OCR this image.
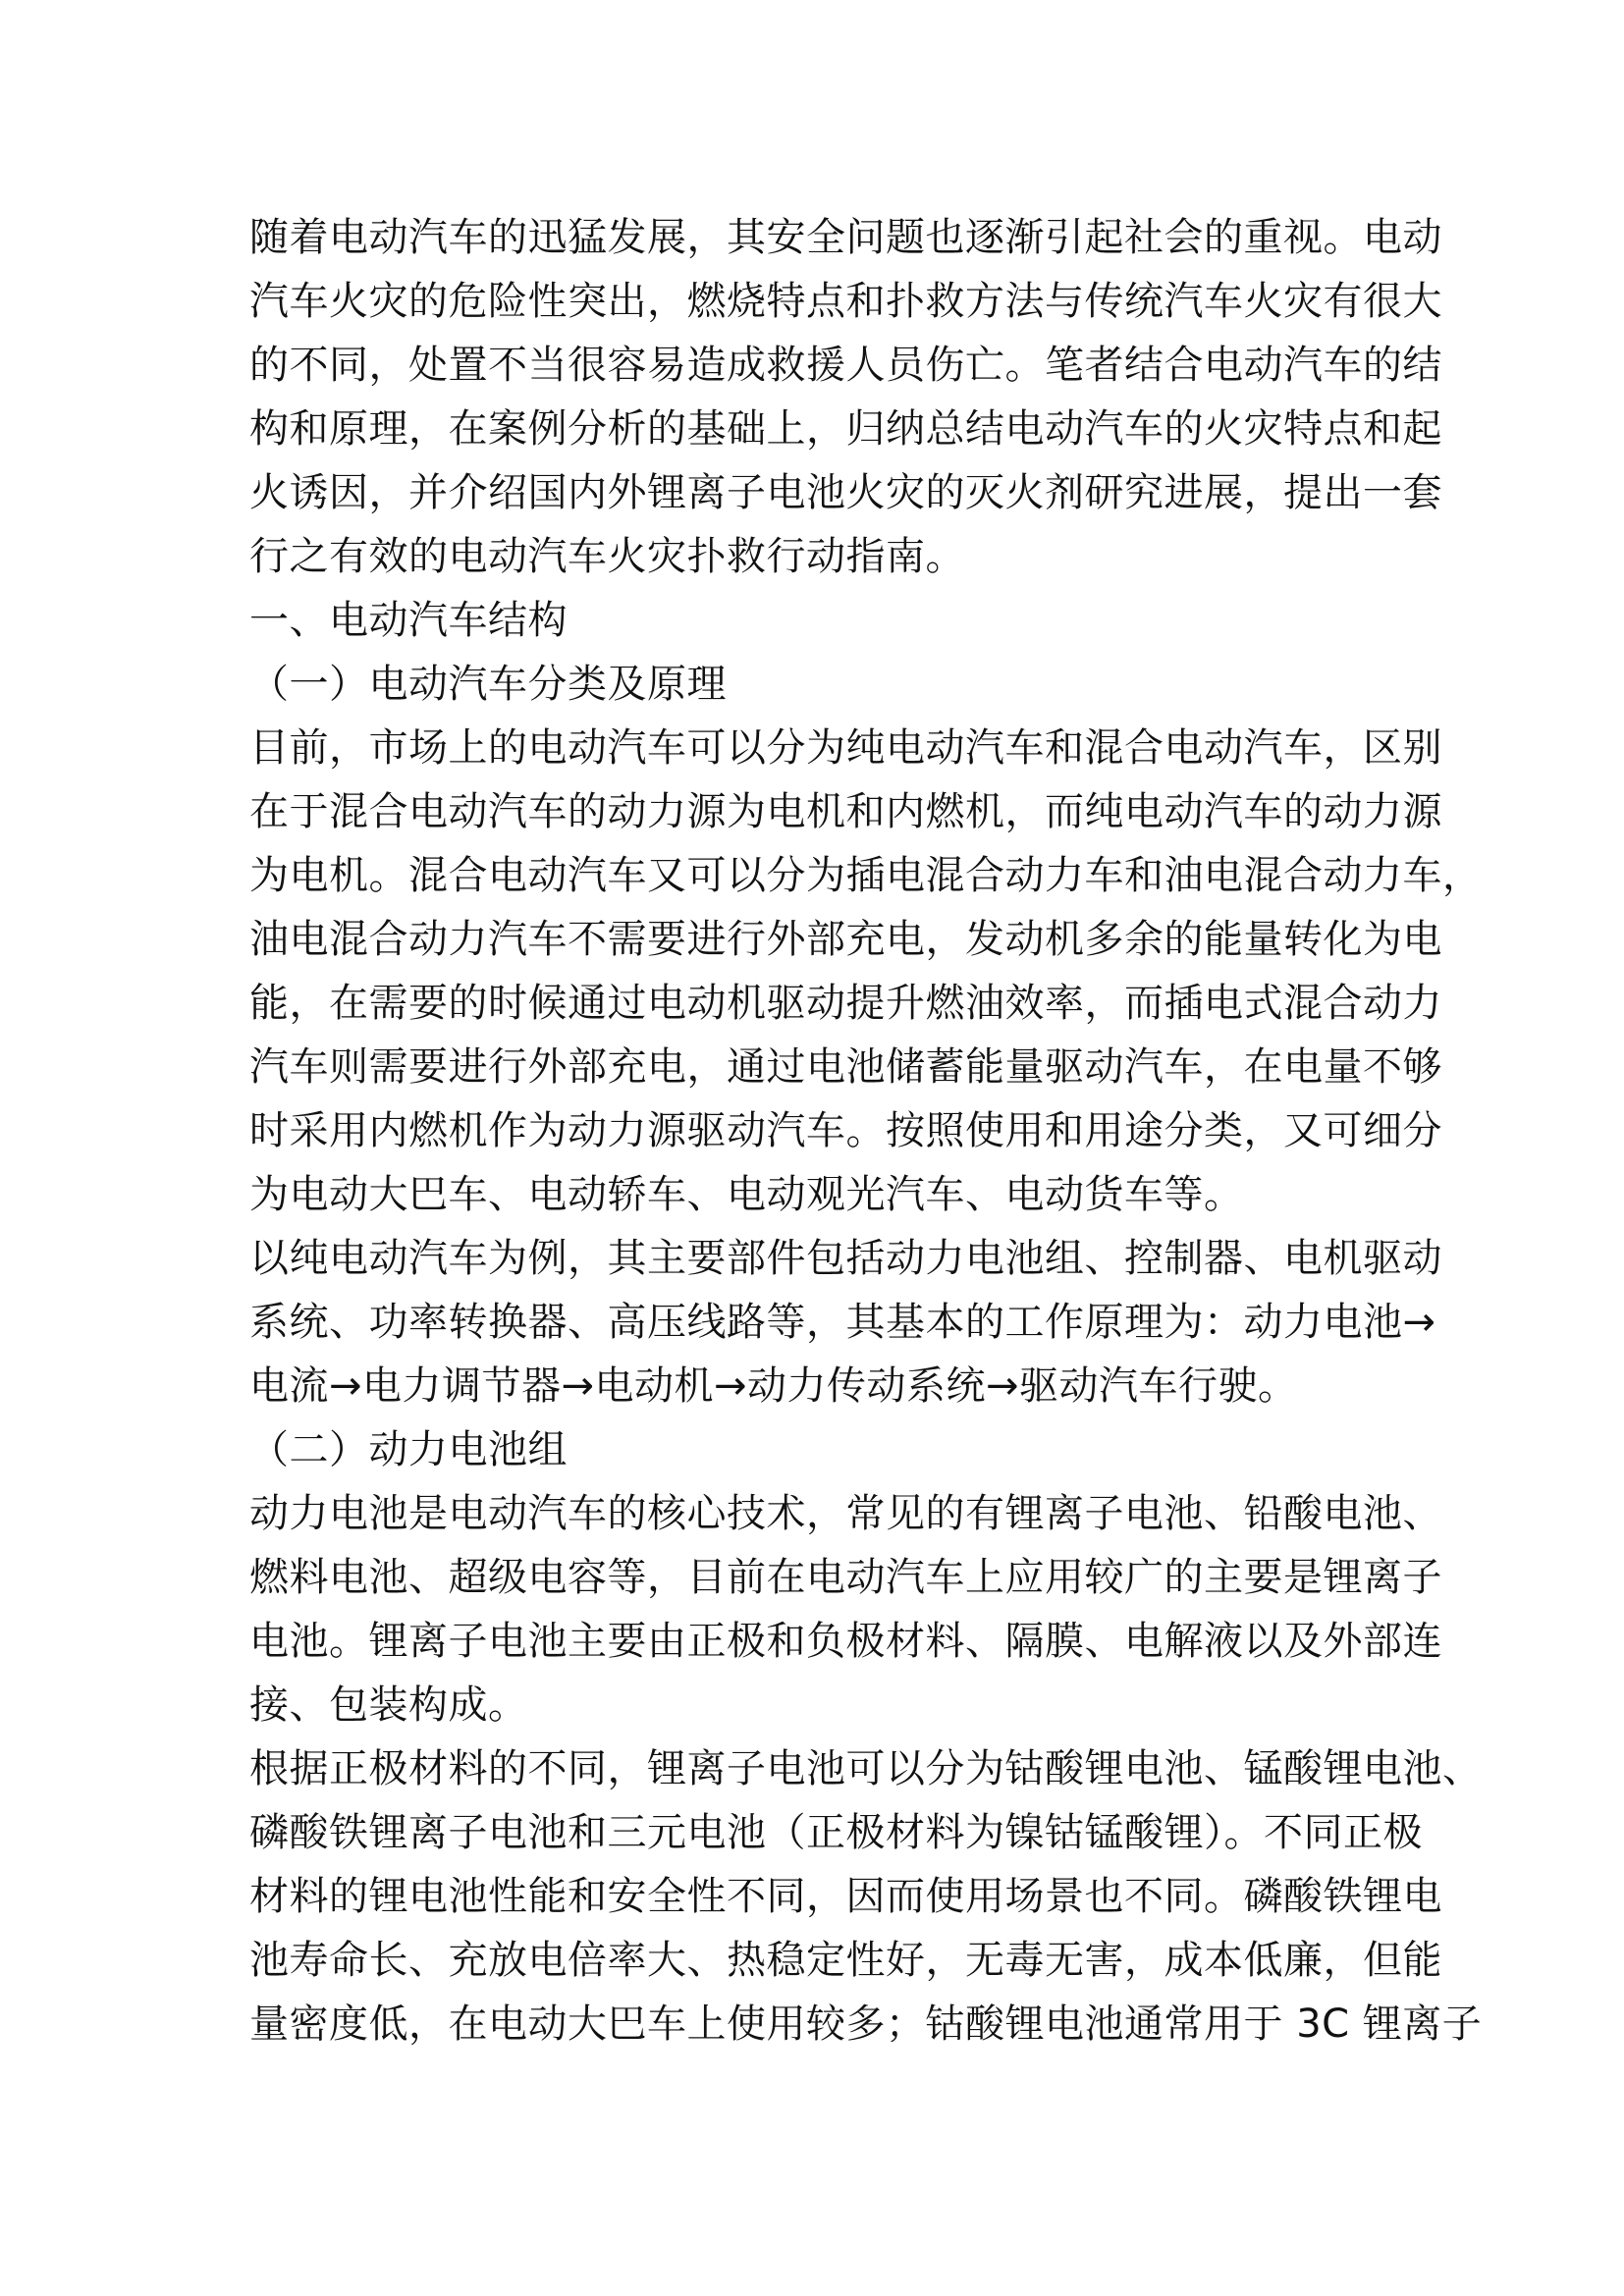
随着电动汽车的迅猛发展，其安全问题也逐渐引起社会的重视。电动
汽车火灾的危险性突出，燃烧特点和扑救方法与传统汽车火灾有很大
的不同，处置不当很容易造成救援人员伤亡。笔者结合电动汽车的结
构和原理，在案例分析的基础上，归纳总结电动汽车的火灾特点和起
火诱因，并介绍国内外锂离子电池火灾的灭火剂研究进展，提出一套
行之有效的电动汽车火灾扑救行动指南。
一、电动汽车结构
（一）电动汽车分类及原理
目前，市场上的电动汽车可以分为纯电动汽车和混合电动汽车，区别
在于混合电动汽车的动力源为电机和内燃机，而纯电动汽车的动力源
为电机。混合电动汽车又可以分为插电混合动力车和油电混合动力车，
油电混合动力汽车不需要进行外部充电，发动机多余的能量转化为电
能，在需要的时候通过电动机驱动提升燃油效率，而插电式混合动力
汽车则需要进行外部充电，通过电池储蓄能量驱动汽车，在电量不够
时采用内燃机作为动力源驱动汽车。按照使用和用途分类，又可细分
为电动大巴车、电动轿车、电动观光汽车、电动货车等。
以纯电动汽车为例，其主要部件包括动力电池组、控制器、电机驱动
系统、功率转换器、高压线路等，其基本的工作原理为：动力电池→
电流→电力调节器→电动机→动力传动系统→驱动汽车行驶。
（二）动力电池组
动力电池是电动汽车的核心技术，常见的有锂离子电池、铅酸电池、
燃料电池、超级电容等，目前在电动汽车上应用较广的主要是锂离子
电池。锂离子电池主要由正极和负极材料、隔膜、电解液以及外部连
接、包装构成。
根据正极材料的不同，锂离子电池可以分为钴酸锂电池、锰酸锂电池、
磷酸铁锂离子电池和三元电池（正极材料为镍钴锰酸锂）。不同正极
材料的锂电池性能和安全性不同，因而使用场景也不同。磷酸铁锂电
池寿命长、充放电倍率大、热稳定性好，无毒无害，成本低廉，但能
量密度低，在电动大巴车上使用较多；钴酸锂电池通常用于 3C 锂离子
